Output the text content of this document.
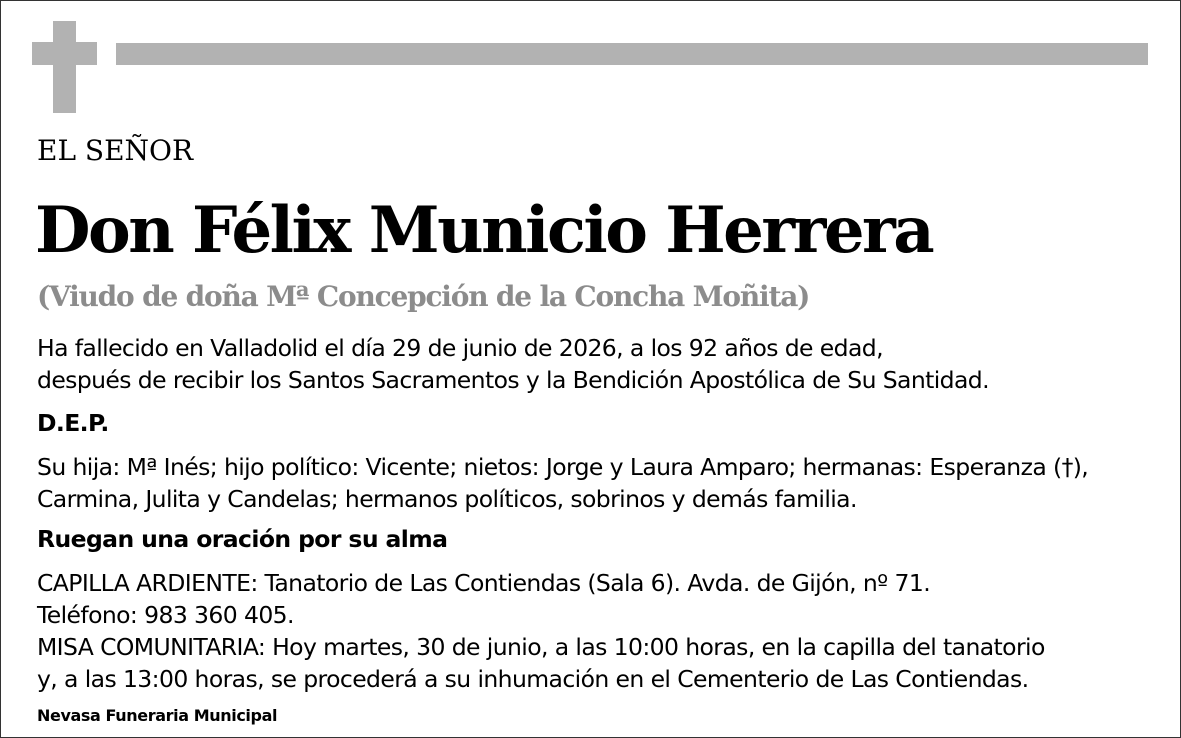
EL SEÑOR
Don Félix Municio Herrera
(Viudo de doña Mª Concepción de la Concha Moñita)
Ha fallecido en Valladolid el día 29 de junio de 2026, a los 92 años de edad,
después de recibir los Santos Sacramentos y la Bendición Apostólica de Su Santidad.
D.E.P.
Su hija: Mª Inés; hijo político: Vicente; nietos: Jorge y Laura Amparo; hermanas: Esperanza (†),
Carmina, Julita y Candelas; hermanos políticos, sobrinos y demás familia.
Ruegan una oración por su alma
CAPILLA ARDIENTE: Tanatorio de Las Contiendas (Sala 6). Avda. de Gijón, nº 71.
Teléfono: 983 360 405.
MISA COMUNITARIA: Hoy martes, 30 de junio, a las 10:00 horas, en la capilla del tanatorio
y, a las 13:00 horas, se procederá a su inhumación en el Cementerio de Las Contiendas.
Nevasa Funeraria Municipal
